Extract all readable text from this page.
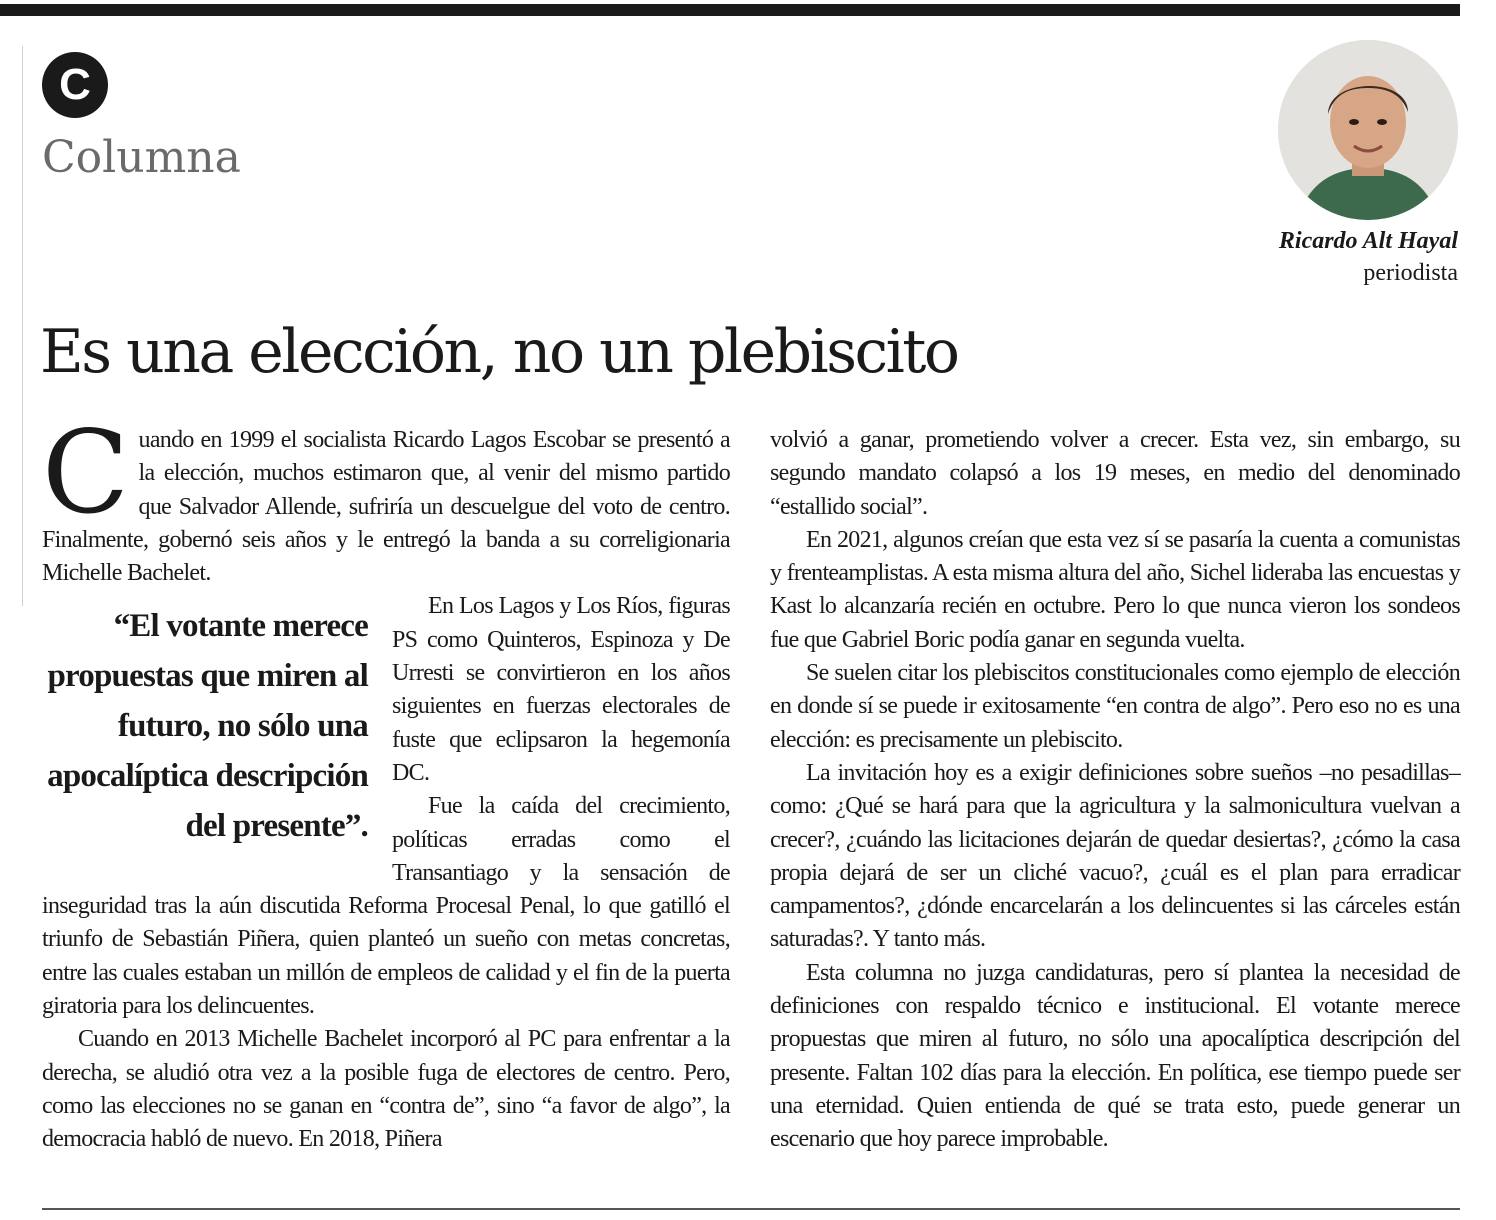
C
Columna
Ricardo Alt Hayal
periodista
Es una elección, no un plebiscito

Cuando en 1999 el socialista Ricardo Lagos Escobar se presentó a la elección, muchos estimaron que, al venir del mismo partido que Salvador Allende, sufriría un descuelgue del voto de centro. Finalmente, gobernó seis años y le entregó la banda a su correligionaria Michelle Bachelet.

“El votante merece propuestas que miren al futuro, no sólo una apocalíptica descripción del presente”.

En Los Lagos y Los Ríos, figuras PS como Quinteros, Espinoza y De Urresti se convirtieron en los años siguientes en fuerzas electorales de fuste que eclipsaron la hegemonía DC.

Fue la caída del crecimiento, políticas erradas como el Transantiago y la sensación de inseguridad tras la aún discutida Reforma Procesal Penal, lo que gatilló el triunfo de Sebastián Piñera, quien planteó un sueño con metas concretas, entre las cuales estaban un millón de empleos de calidad y el fin de la puerta giratoria para los delincuentes.

Cuando en 2013 Michelle Bachelet incorporó al PC para enfrentar a la derecha, se aludió otra vez a la posible fuga de electores de centro. Pero, como las elecciones no se ganan en “contra de”, sino “a favor de algo”, la democracia habló de nuevo. En 2018, Piñera

volvió a ganar, prometiendo volver a crecer. Esta vez, sin embargo, su segundo mandato colapsó a los 19 meses, en medio del denominado “estallido social”.

En 2021, algunos creían que esta vez sí se pasaría la cuenta a comunistas y frenteamplistas. A esta misma altura del año, Sichel lideraba las encuestas y Kast lo alcanzaría recién en octubre. Pero lo que nunca vieron los sondeos fue que Gabriel Boric podía ganar en segunda vuelta.

Se suelen citar los plebiscitos constitucionales como ejemplo de elección en donde sí se puede ir exitosamente “en contra de algo”. Pero eso no es una elección: es precisamente un plebiscito.

La invitación hoy es a exigir definiciones sobre sueños –no pesadillas– como: ¿Qué se hará para que la agricultura y la salmonicultura vuelvan a crecer?, ¿cuándo las licitaciones dejarán de quedar desiertas?, ¿cómo la casa propia dejará de ser un cliché vacuo?, ¿cuál es el plan para erradicar campamentos?, ¿dónde encarcelarán a los delincuentes si las cárceles están saturadas?. Y tanto más.

Esta columna no juzga candidaturas, pero sí plantea la necesidad de definiciones con respaldo técnico e institucional. El votante merece propuestas que miren al futuro, no sólo una apocalíptica descripción del presente. Faltan 102 días para la elección. En política, ese tiempo puede ser una eternidad. Quien entienda de qué se trata esto, puede generar un escenario que hoy parece improbable.
